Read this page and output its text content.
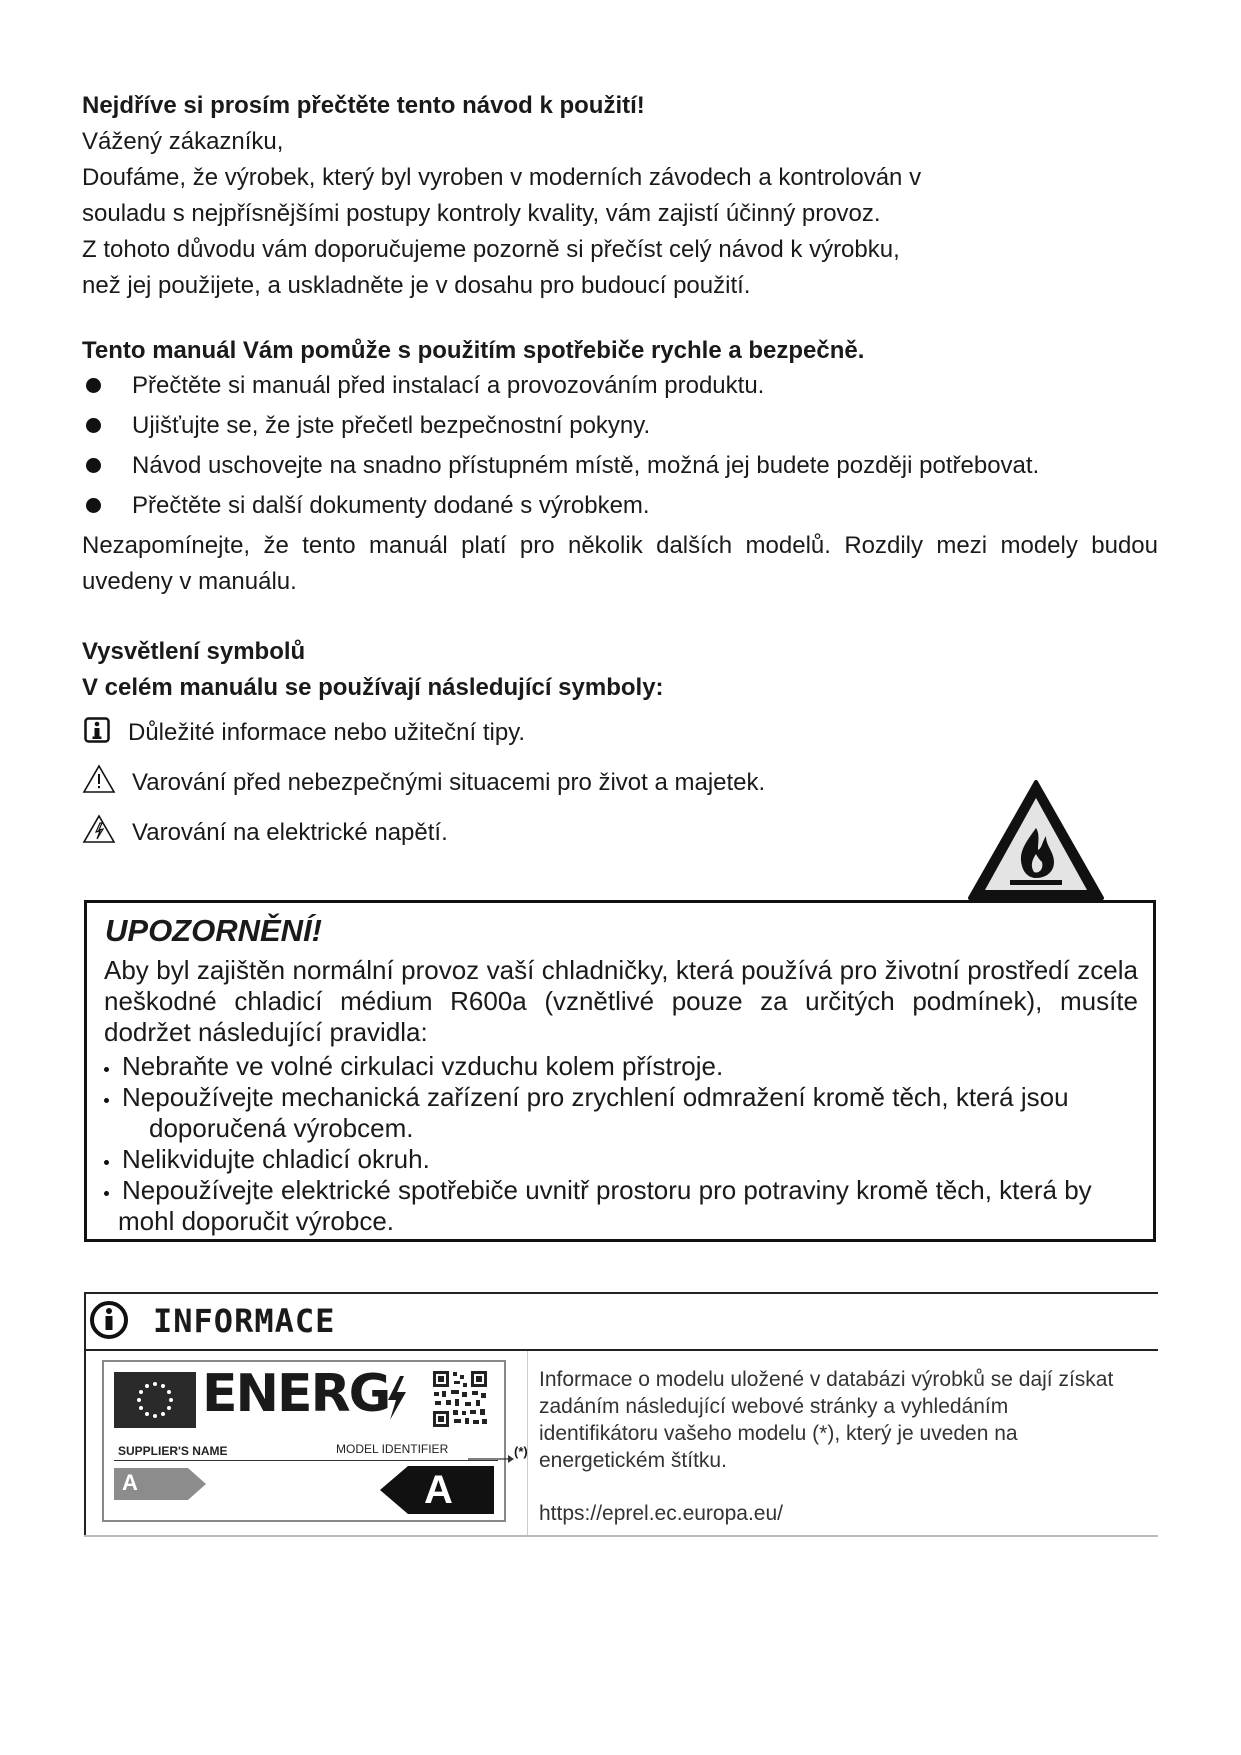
Nejdříve si prosím přečtěte tento návod k použití!
Vážený zákazníku,
Doufáme, že výrobek, který byl vyroben v moderních závodech a kontrolován v
souladu s nejpřísnějšími postupy kontroly kvality, vám zajistí účinný provoz.
Z tohoto důvodu vám doporučujeme pozorně si přečíst celý návod k výrobku,
než jej použijete, a uskladněte je v dosahu pro budoucí použití.
Tento manuál Vám pomůže s použitím spotřebiče rychle a bezpečně.
Přečtěte si manuál před instalací a provozováním produktu.
Ujišťujte se, že jste přečetl bezpečnostní pokyny.
Návod uschovejte na snadno přístupném místě, možná jej budete později potřebovat.
Přečtěte si další dokumenty dodané s výrobkem.
Nezapomínejte, že tento manuál platí pro několik dalších modelů. Rozdily mezi modely budou uvedeny v manuálu.
Vysvětlení symbolů
V celém manuálu se používají následující symboly:
Důležité informace nebo užiteční tipy.
Varování před nebezpečnými situacemi pro život a majetek.
Varování na elektrické napětí.
UPOZORNĚNÍ!
Aby byl zajištěn normální provoz vaší chladničky, která používá pro životní prostředí zcela neškodné chladicí médium R600a (vznětlivé pouze za určitých podmínek), musíte dodržet následující pravidla:
Nebraňte ve volné cirkulaci vzduchu kolem přístroje.
Nepoužívejte mechanická zařízení pro zrychlení odmražení kromě těch, která jsou
doporučená výrobcem.
Nelikvidujte chladicí okruh.
Nepoužívejte elektrické spotřebiče uvnitř prostoru pro potraviny kromě těch, která by
mohl doporučit výrobce.
INFORMACE
ENERG
SUPPLIER'S NAME	MODEL IDENTIFIER
A	A
(*)
Informace o modelu uložené v databázi výrobků se dají získat
zadáním následující webové stránky a vyhledáním
identifikátoru vašeho modelu (*), který je uveden na
energetickém štítku.
https://eprel.ec.europa.eu/
